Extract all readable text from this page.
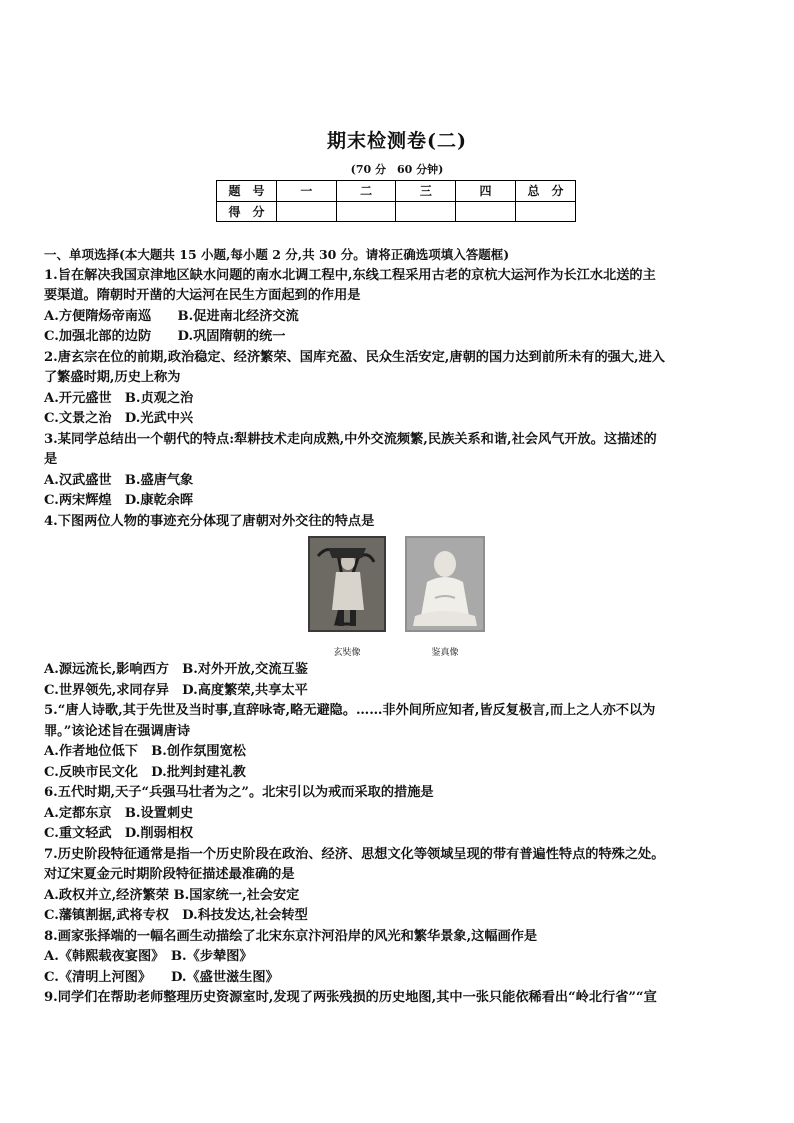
期末检测卷(二)
(70 分　60 分钟)
题　号	一	二	三	四	总　分
得　分					

一、单项选择(本大题共 15 小题,每小题 2 分,共 30 分。请将正确选项填入答题框)

1.旨在解决我国京津地区缺水问题的南水北调工程中,东线工程采用古老的京杭大运河作为长江水北送的主

要渠道。隋朝时开凿的大运河在民生方面起到的作用是

A.方便隋炀帝南巡　　B.促进南北经济交流

C.加强北部的边防　　D.巩固隋朝的统一

2.唐玄宗在位的前期,政治稳定、经济繁荣、国库充盈、民众生活安定,唐朝的国力达到前所未有的强大,进入

了繁盛时期,历史上称为

A.开元盛世　B.贞观之治

C.文景之治　D.光武中兴

3.某同学总结出一个朝代的特点:犁耕技术走向成熟,中外交流频繁,民族关系和谐,社会风气开放。这描述的

是

A.汉武盛世　B.盛唐气象

C.两宋辉煌　D.康乾余晖

4.下图两位人物的事迹充分体现了唐朝对外交往的特点是

玄奘像	鉴真像

A.源远流长,影响西方　B.对外开放,交流互鉴

C.世界领先,求同存异　D.高度繁荣,共享太平

5.“唐人诗歌,其于先世及当时事,直辞咏寄,略无避隐。……非外间所应知者,皆反复极言,而上之人亦不以为

罪。”该论述旨在强调唐诗

A.作者地位低下　B.创作氛围宽松

C.反映市民文化　D.批判封建礼教

6.五代时期,天子“兵强马壮者为之”。北宋引以为戒而采取的措施是

A.定都东京　B.设置刺史

C.重文轻武　D.削弱相权

7.历史阶段特征通常是指一个历史阶段在政治、经济、思想文化等领域呈现的带有普遍性特点的特殊之处。

对辽宋夏金元时期阶段特征描述最准确的是

A.政权并立,经济繁荣 B.国家统一,社会安定

C.藩镇割据,武将专权　D.科技发达,社会转型

8.画家张择端的一幅名画生动描绘了北宋东京汴河沿岸的风光和繁华景象,这幅画作是

A.《韩熙载夜宴图》　B.《步辇图》

C.《清明上河图》　　D.《盛世滋生图》

9.同学们在帮助老师整理历史资源室时,发现了两张残损的历史地图,其中一张只能依稀看出“岭北行省”“宣
